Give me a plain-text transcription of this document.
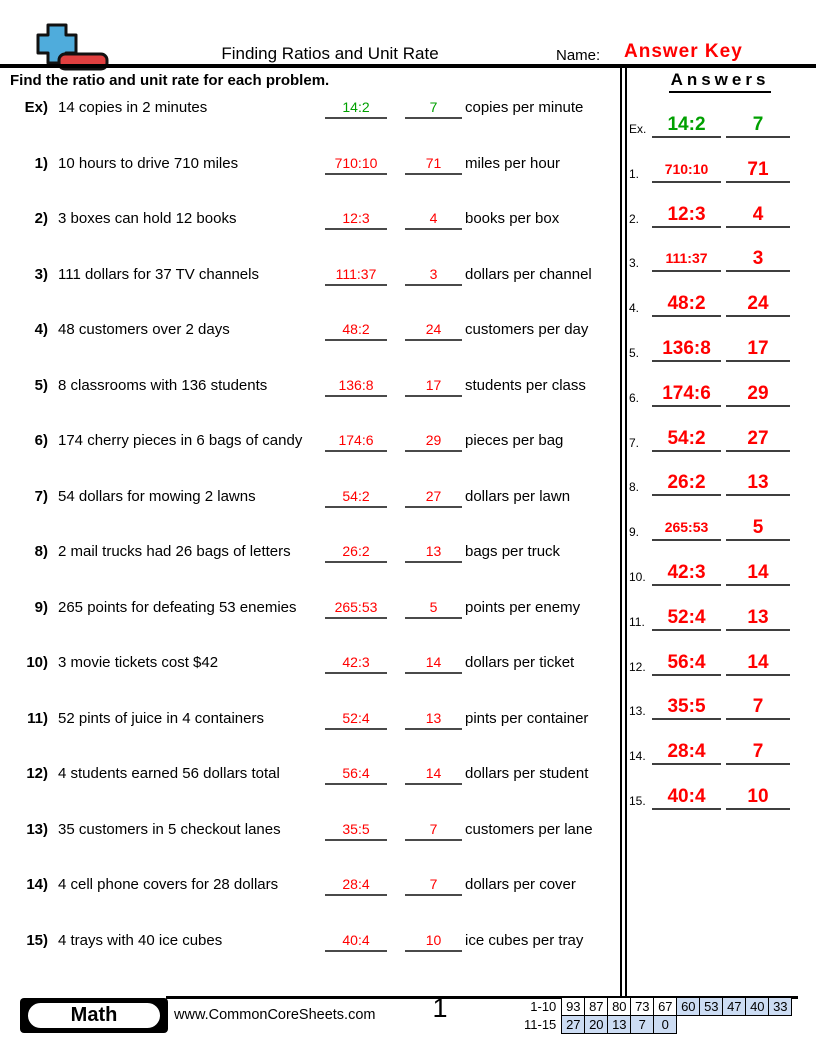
Finding Ratios and Unit Rate	Name: Answer Key
Find the ratio and unit rate for each problem.
Ex) 14 copies in 2 minutes	14:2	7 copies per minute
1) 10 hours to drive 710 miles	710:10	71 miles per hour
2) 3 boxes can hold 12 books	12:3	4 books per box
3) 111 dollars for 37 TV channels	111:37	3 dollars per channel
4) 48 customers over 2 days	48:2	24 customers per day
5) 8 classrooms with 136 students	136:8	17 students per class
6) 174 cherry pieces in 6 bags of candy	174:6	29 pieces per bag
7) 54 dollars for mowing 2 lawns	54:2	27 dollars per lawn
8) 2 mail trucks had 26 bags of letters	26:2	13 bags per truck
9) 265 points for defeating 53 enemies	265:53	5 points per enemy
10) 3 movie tickets cost $42	42:3	14 dollars per ticket
11) 52 pints of juice in 4 containers	52:4	13 pints per container
12) 4 students earned 56 dollars total	56:4	14 dollars per student
13) 35 customers in 5 checkout lanes	35:5	7 customers per lane
14) 4 cell phone covers for 28 dollars	28:4	7 dollars per cover
15) 4 trays with 40 ice cubes	40:4	10 ice cubes per tray
Answers
Ex. 14:2 7
1. 710:10 71
2. 12:3 4
3. 111:37 3
4. 48:2 24
5. 136:8 17
6. 174:6 29
7. 54:2 27
8. 26:2 13
9. 265:53 5
10. 42:3 14
11. 52:4 13
12. 56:4 14
13. 35:5 7
14. 28:4 7
15. 40:4 10
Math	www.CommonCoreSheets.com	1	1-10	93	87	80	73	67	60	53	47	40	33
11-15	27	20	13	7	0					
